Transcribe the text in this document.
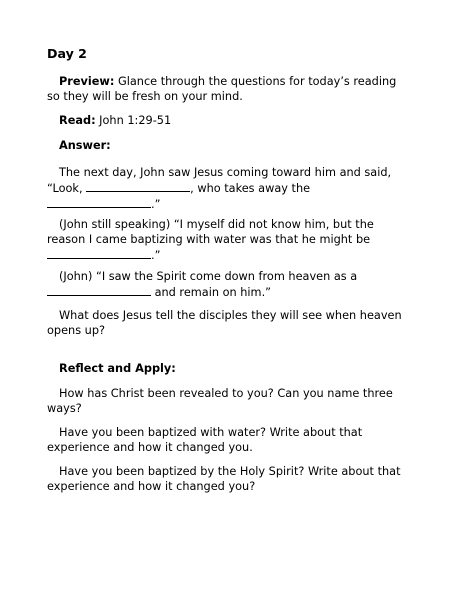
Day 2

Preview: Glance through the questions for today’s reading so they will be fresh on your mind.

Read: John 1:29-51

Answer:

The next day, John saw Jesus coming toward him and said, “Look,	, who takes away the .”

(John still speaking) “I myself did not know him, but the reason I came baptizing with water was that he might be .”

(John) “I saw the Spirit come down from heaven as a  and remain on him.”

What does Jesus tell the disciples they will see when heaven opens up?

Reflect and Apply:

How has Christ been revealed to you? Can you name three ways?

Have you been baptized with water? Write about that experience and how it changed you.

Have you been baptized by the Holy Spirit? Write about that experience and how it changed you?
